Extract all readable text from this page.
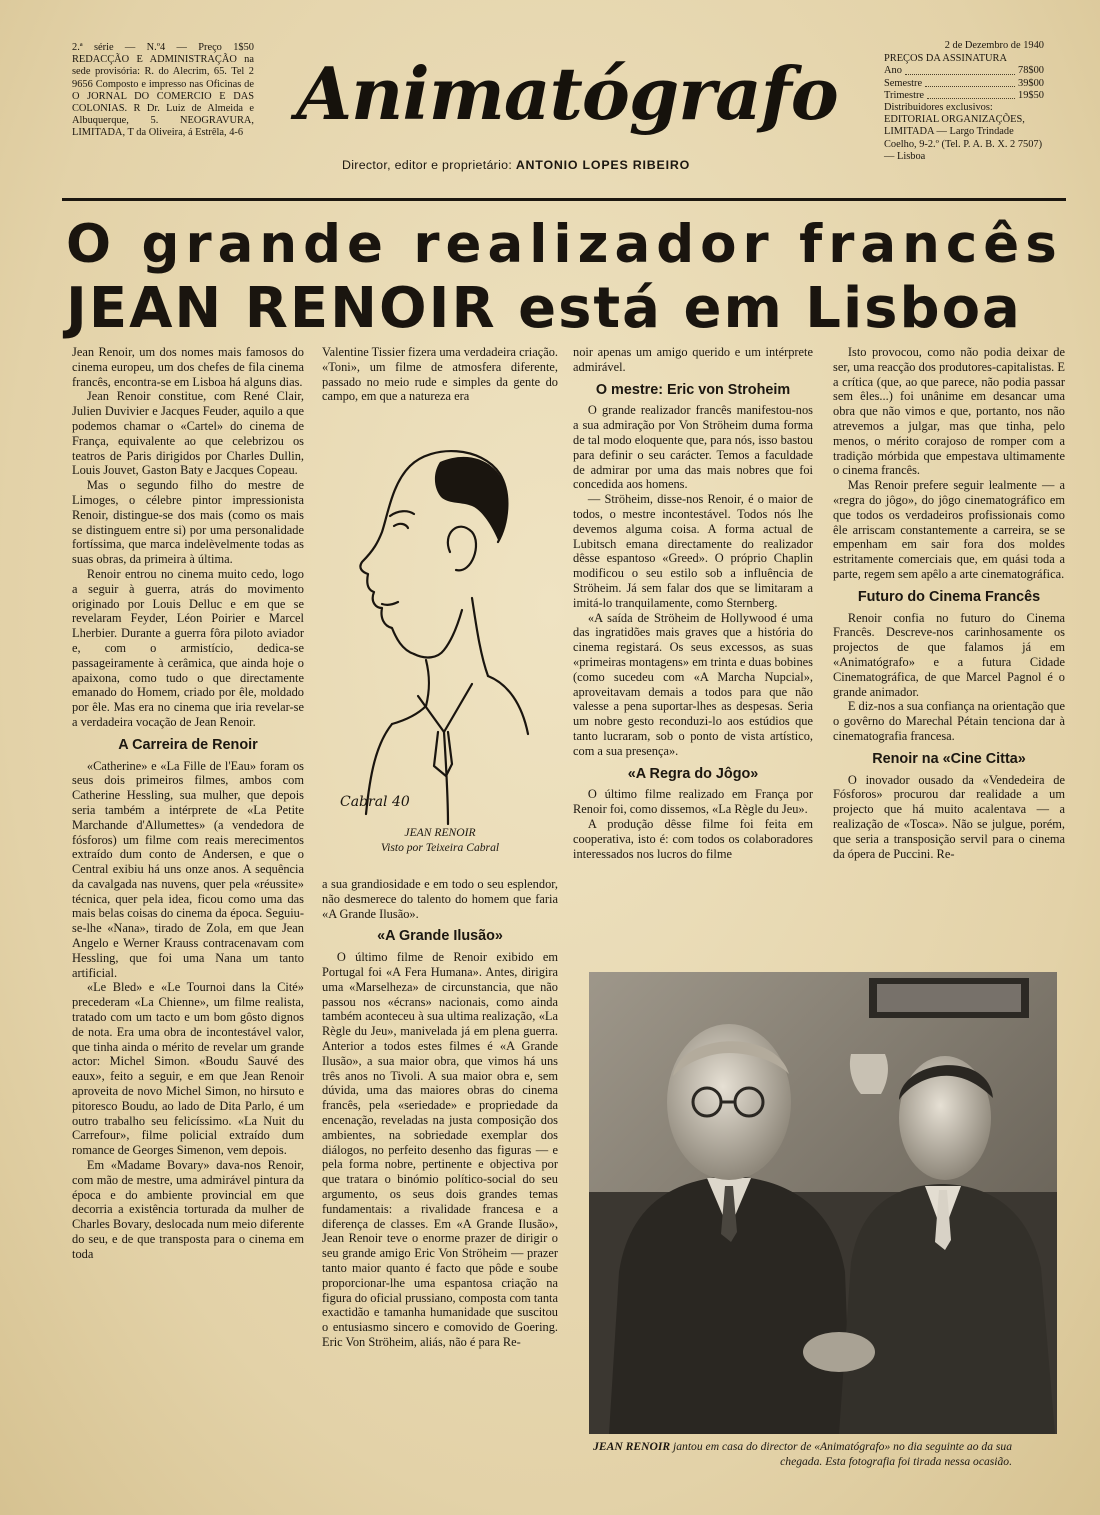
2.ª série — N.º4 — Preço 1$50 REDACÇÃO E ADMINISTRAÇÃO na sede provisória: R. do Alecrim, 65. Tel 2 9656 Composto e impresso nas Oficinas de O JORNAL DO COMERCIO E DAS COLONIAS. R Dr. Luiz de Almeida e Albuquerque, 5. NEOGRAVURA, LIMITADA, T da Oliveira, á Estrêla, 4-6 Animatógrafo
Director, editor e proprietário: ANTONIO LOPES RIBEIRO
2 de Dezembro de 1940
PREÇOS DA ASSINATURA
Ano	78$00
Semestre	39$00
Trimestre	19$50
Distribuidores exclusivos: EDITORIAL ORGANIZAÇÕES, LIMITADA — Largo Trindade Coelho, 9-2.º (Tel. P. A. B. X. 2 7507) — Lisboa
O grande realizador francês
JEAN RENOIR está em Lisboa

Jean Renoir, um dos nomes mais famosos do cinema europeu, um dos chefes de fila cinema francês, encontra-se em Lisboa há alguns dias.

Jean Renoir constitue, com René Clair, Julien Duvivier e Jacques Feuder, aquilo a que podemos chamar o «Cartel» do cinema de França, equivalente ao que celebrizou os teatros de Paris dirigidos por Charles Dullin, Louis Jouvet, Gaston Baty e Jacques Copeau.

Mas o segundo filho do mestre de Limoges, o célebre pintor impressionista Renoir, distingue-se dos mais (como os mais se distinguem entre si) por uma personalidade fortíssima, que marca indelèvelmente todas as suas obras, da primeira à última.

Renoir entrou no cinema muito cedo, logo a seguir à guerra, atrás do movimento originado por Louis Delluc e em que se revelaram Feyder, Léon Poirier e Marcel Lherbier. Durante a guerra fôra piloto aviador e, com o armistício, dedica-se passageiramente à cerâmica, que ainda hoje o apaixona, como tudo o que directamente emanado do Homem, criado por êle, moldado por êle. Mas era no cinema que iria revelar-se a verdadeira vocação de Jean Renoir.

A Carreira de Renoir

«Catherine» e «La Fille de l'Eau» foram os seus dois primeiros filmes, ambos com Catherine Hessling, sua mulher, que depois seria também a intérprete de «La Petite Marchande d'Allumettes» (a vendedora de fósforos) um filme com reais merecimentos extraído dum conto de Andersen, e que o Central exibiu há uns onze anos. A sequência da cavalgada nas nuvens, quer pela «réussite» técnica, quer pela idea, ficou como uma das mais belas coisas do cinema da época. Seguiu-se-lhe «Nana», tirado de Zola, em que Jean Angelo e Werner Krauss contracenavam com Hessling, que foi uma Nana um tanto artificial.

«Le Bled» e «Le Tournoi dans la Cité» precederam «La Chienne», um filme realista, tratado com um tacto e um bom gôsto dignos de nota. Era uma obra de incontestável valor, que tinha ainda o mérito de revelar um grande actor: Michel Simon. «Boudu Sauvé des eaux», feito a seguir, e em que Jean Renoir aproveita de novo Michel Simon, no hirsuto e pitoresco Boudu, ao lado de Dita Parlo, é um outro trabalho seu felicíssimo. «La Nuit du Carrefour», filme policial extraído dum romance de Georges Simenon, vem depois.

Em «Madame Bovary» dava-nos Renoir, com mão de mestre, uma admirável pintura da época e do ambiente provincial em que decorria a existência torturada da mulher de Charles Bovary, deslocada num meio diferente do seu, e de que transposta para o cinema em toda

Valentine Tissier fizera uma verdadeira criação. «Toni», um filme de atmosfera diferente, passado no meio rude e simples da gente do campo, em que a natureza era

Cabral 40
JEAN RENOIR
Visto por Teixeira Cabral

a sua grandiosidade e em todo o seu esplendor, não desmerece do talento do homem que faria «A Grande Ilusão».

«A Grande Ilusão»

O último filme de Renoir exibido em Portugal foi «A Fera Humana». Antes, dirigira uma «Marselheza» de circunstancia, que não passou nos «écrans» nacionais, como ainda também aconteceu à sua ultima realização, «La Règle du Jeu», manivelada já em plena guerra. Anterior a todos estes filmes é «A Grande Ilusão», a sua maior obra, que vimos há uns três anos no Tivoli. A sua maior obra e, sem dúvida, uma das maiores obras do cinema francês, pela «seriedade» e propriedade da encenação, reveladas na justa composição dos ambientes, na sobriedade exemplar dos diálogos, no perfeito desenho das figuras — e pela forma nobre, pertinente e objectiva por que tratara o binómio político-social do seu argumento, os seus dois grandes temas fundamentais: a rivalidade francesa e a diferença de classes. Em «A Grande Ilusão», Jean Renoir teve o enorme prazer de dirigir o seu grande amigo Eric Von Ströheim — prazer tanto maior quanto é facto que pôde e soube proporcionar-lhe uma espantosa criação na figura do oficial prussiano, composta com tanta exactidão e tamanha humanidade que suscitou o entusiasmo sincero e comovido de Goering. Eric Von Ströheim, aliás, não é para Re-

noir apenas um amigo querido e um intérprete admirável.

O mestre: Eric von Stroheim

O grande realizador francês manifestou-nos a sua admiração por Von Ströheim duma forma de tal modo eloquente que, para nós, isso bastou para definir o seu carácter. Temos a faculdade de admirar por uma das mais nobres que foi concedida aos homens.

— Ströheim, disse-nos Renoir, é o maior de todos, o mestre incontestável. Todos nós lhe devemos alguma coisa. A forma actual de Lubitsch emana directamente do realizador dêsse espantoso «Greed». O próprio Chaplin modificou o seu estilo sob a influência de Ströheim. Já sem falar dos que se limitaram a imitá-lo tranquilamente, como Sternberg.

«A saída de Ströheim de Hollywood é uma das ingratidões mais graves que a história do cinema registará. Os seus excessos, as suas «primeiras montagens» em trinta e duas bobines (como sucedeu com «A Marcha Nupcial», aproveitavam demais a todos para que não valesse a pena suportar-lhes as despesas. Seria um nobre gesto reconduzi-lo aos estúdios que tanto lucraram, sob o ponto de vista artístico, com a sua presença».

«A Regra do Jôgo»

O último filme realizado em França por Renoir foi, como dissemos, «La Règle du Jeu».

A produção dêsse filme foi feita em cooperativa, isto é: com todos os colaboradores interessados nos lucros do filme

Isto provocou, como não podia deixar de ser, uma reacção dos produtores-capitalistas. E a crítica (que, ao que parece, não podia passar sem êles...) foi unânime em desancar uma obra que não vimos e que, portanto, nos não atrevemos a julgar, mas que tinha, pelo menos, o mérito corajoso de romper com a tradição mórbida que empestava ultimamente o cinema francês.

Mas Renoir prefere seguir lealmente — a «regra do jôgo», do jôgo cinematográfico em que todos os verdadeiros profissionais como êle arriscam constantemente a carreira, se se empenham em sair fora dos moldes estritamente comerciais que, em quási toda a parte, regem sem apêlo a arte cinematográfica.

Futuro do Cinema Francês

Renoir confia no futuro do Cinema Francês. Descreve-nos carinhosamente os projectos de que falamos já em «Animatógrafo» e a futura Cidade Cinematográfica, de que Marcel Pagnol é o grande animador.

E diz-nos a sua confiança na orientação que o govêrno do Marechal Pétain tenciona dar à cinematografia francesa.

Renoir na «Cine Citta»

O inovador ousado da «Vendedeira de Fósforos» procurou dar realidade a um projecto que há muito acalentava — a realização de «Tosca». Não se julgue, porém, que seria a transposição servil para o cinema da ópera de Puccini. Re-

JEAN RENOIR jantou em casa do director de «Animatógrafo» no dia seguinte ao da sua chegada. Esta fotografia foi tirada nessa ocasião.
